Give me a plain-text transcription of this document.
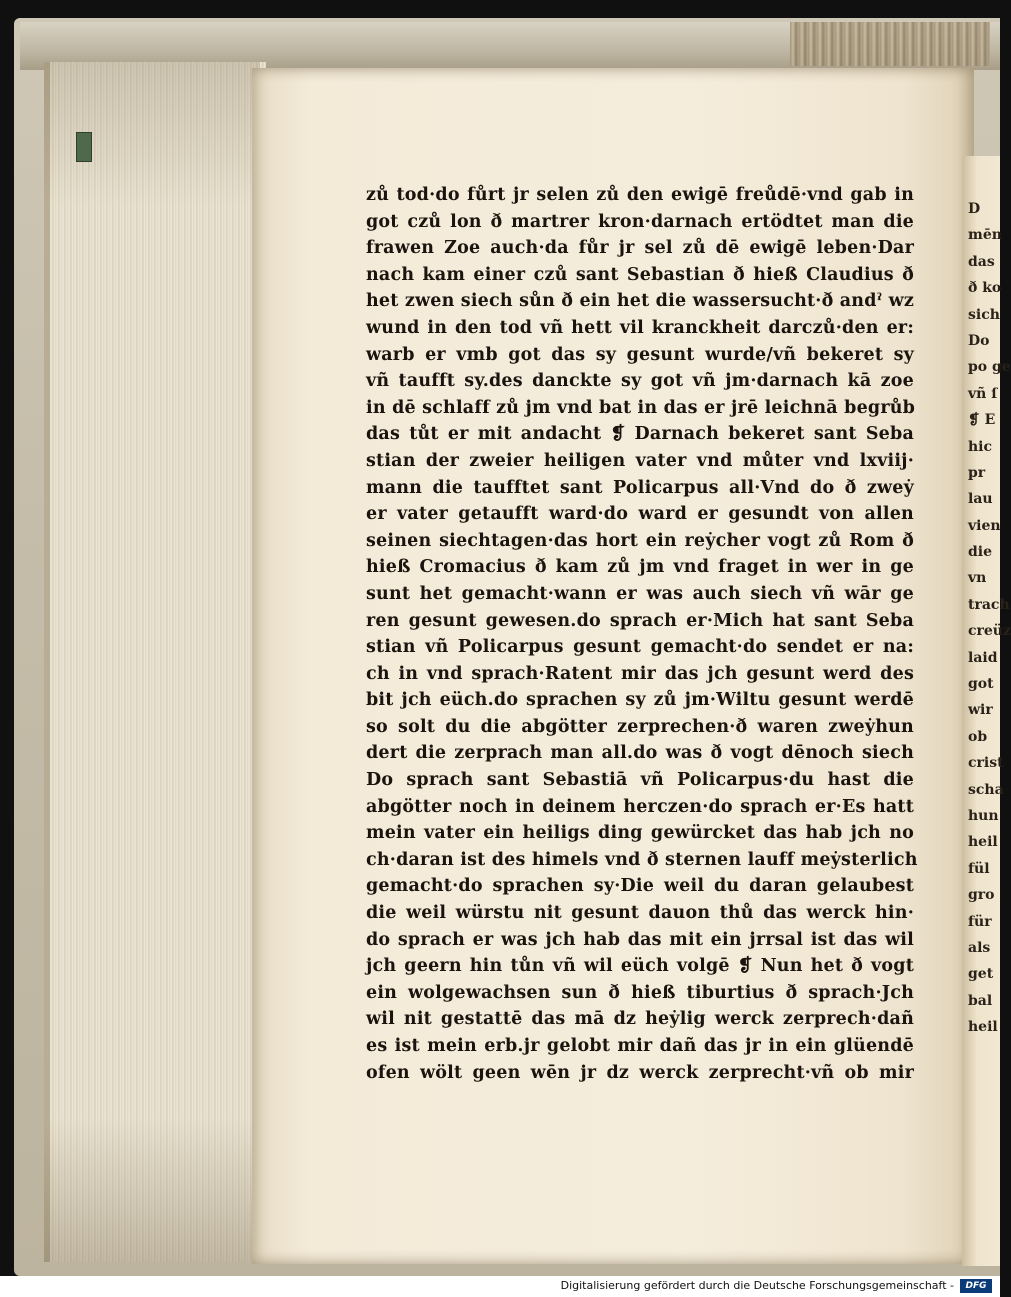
D
mēn
das
ð ko
sich
Do
po ge
vñ ſ
❡ E
hic
pr
lau
vien
die
vn
trach
creüz
laid
got
wir
ob
crist
scha
hun
heil
fül
gro
für
als
get
bal
heil
zů tod·do fůrt jr selen zů den ewigē freůdē·vnd gab in
got czů lon ð martrer kron·darnach ertödtet man die
frawen Zoe auch·da fůr jr sel zů dē ewigē leben·Dar
nach kam einer czů sant Sebastian ð hieß Claudius ð
het zwen siech sůn ð ein het die wassersucht·ð andˀ wz
wund in den tod vñ hett vil kranckheit darczů·den er:
warb er vmb got das sy gesunt wurde/vñ bekeret sy
vñ taufft sy.des danckte sy got vñ jm·darnach kā zoe
in dē schlaff zů jm vnd bat in das er jrē leichnā begrůb
das tůt er mit andacht ❡ Darnach bekeret sant Seba
stian der zweier heiligen vater vnd můter vnd lxviij·
mann die taufftet sant Policarpus all·Vnd do ð zweẏ
er vater getaufft ward·do ward er gesundt von allen
seinen siechtagen·das hort ein reẏcher vogt zů Rom ð
hieß Cromacius ð kam zů jm vnd fraget in wer in ge
sunt het gemacht·wann er was auch siech vñ wār ge
ren gesunt gewesen.do sprach er·Mich hat sant Seba
stian vñ Policarpus gesunt gemacht·do sendet er na:
ch in vnd sprach·Ratent mir das jch gesunt werd des
bit jch eüch.do sprachen sy zů jm·Wiltu gesunt werdē
so solt du die abgötter zerprechen·ð waren zweẏhun
dert die zerprach man all.do was ð vogt dēnoch siech
Do sprach sant Sebastiā vñ Policarpus·du hast die
abgötter noch in deinem herczen·do sprach er·Es hatt
mein vater ein heiligs ding gewürcket das hab jch no
ch·daran ist des himels vnd ð sternen lauff meẏsterlich
gemacht·do sprachen sy·Die weil du daran gelaubest
die weil würstu nit gesunt dauon thů das werck hin·
do sprach er was jch hab das mit ein jrrsal ist das wil
jch geern hin tůn vñ wil eüch volgē ❡ Nun het ð vogt
ein wolgewachsen sun ð hieß tiburtius ð sprach·Jch
wil nit gestattē das mā dz heẏlig werck zerprech·dañ
es ist mein erb.jr gelobt mir dañ das jr in ein glüendē
ofen wölt geen wēn jr dz werck zerprecht·vñ ob mir
Digitalisierung gefördert durch die Deutsche Forschungsgemeinschaft -	DFG
